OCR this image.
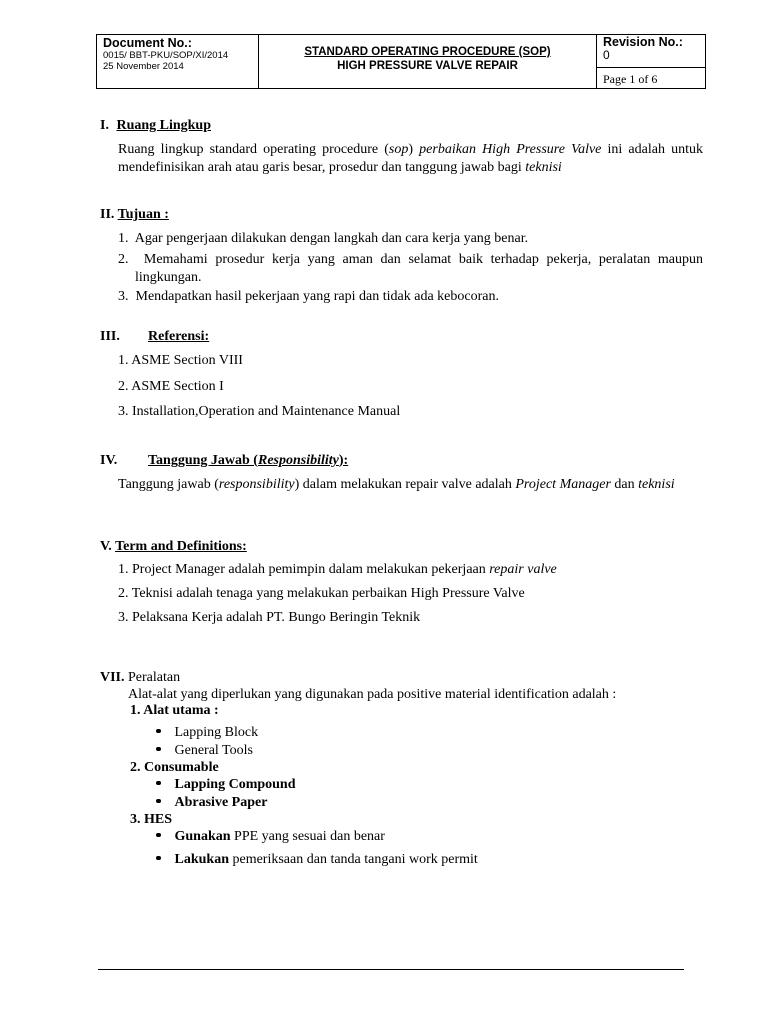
Document No.:
0015/ BBT-PKU/SOP/XI/2014
25 November 2014
STANDARD OPERATING PROCEDURE (SOP)
HIGH PRESSURE VALVE REPAIR
Revision No.:
0
Page 1 of 6
I. Ruang Lingkup
Ruang lingkup standard operating procedure (sop) perbaikan High Pressure Valve ini adalah untuk mendefinisikan arah atau garis besar, prosedur dan tanggung jawab bagi teknisi
II. Tujuan :
1. Agar pengerjaan dilakukan dengan langkah dan cara kerja yang benar.
2. Memahami prosedur kerja yang aman dan selamat baik terhadap pekerja, peralatan maupun lingkungan.
3. Mendapatkan hasil pekerjaan yang rapi dan tidak ada kebocoran.
III. Referensi:
1. ASME Section VIII
2. ASME Section I
3. Installation,Operation and Maintenance Manual
IV. Tanggung Jawab (Responsibility):
Tanggung jawab (responsibility) dalam melakukan repair valve adalah Project Manager dan teknisi
V. Term and Definitions:
1. Project Manager adalah pemimpin dalam melakukan pekerjaan repair valve
2. Teknisi adalah tenaga yang melakukan perbaikan High Pressure Valve
3. Pelaksana Kerja adalah PT. Bungo Beringin Teknik
VII. Peralatan
Alat-alat yang diperlukan yang digunakan pada positive material identification adalah :
1. Alat utama :
Lapping Block
General Tools
2. Consumable
Lapping Compound
Abrasive Paper
3. HES
Gunakan PPE yang sesuai dan benar
Lakukan pemeriksaan dan tanda tangani work permit
